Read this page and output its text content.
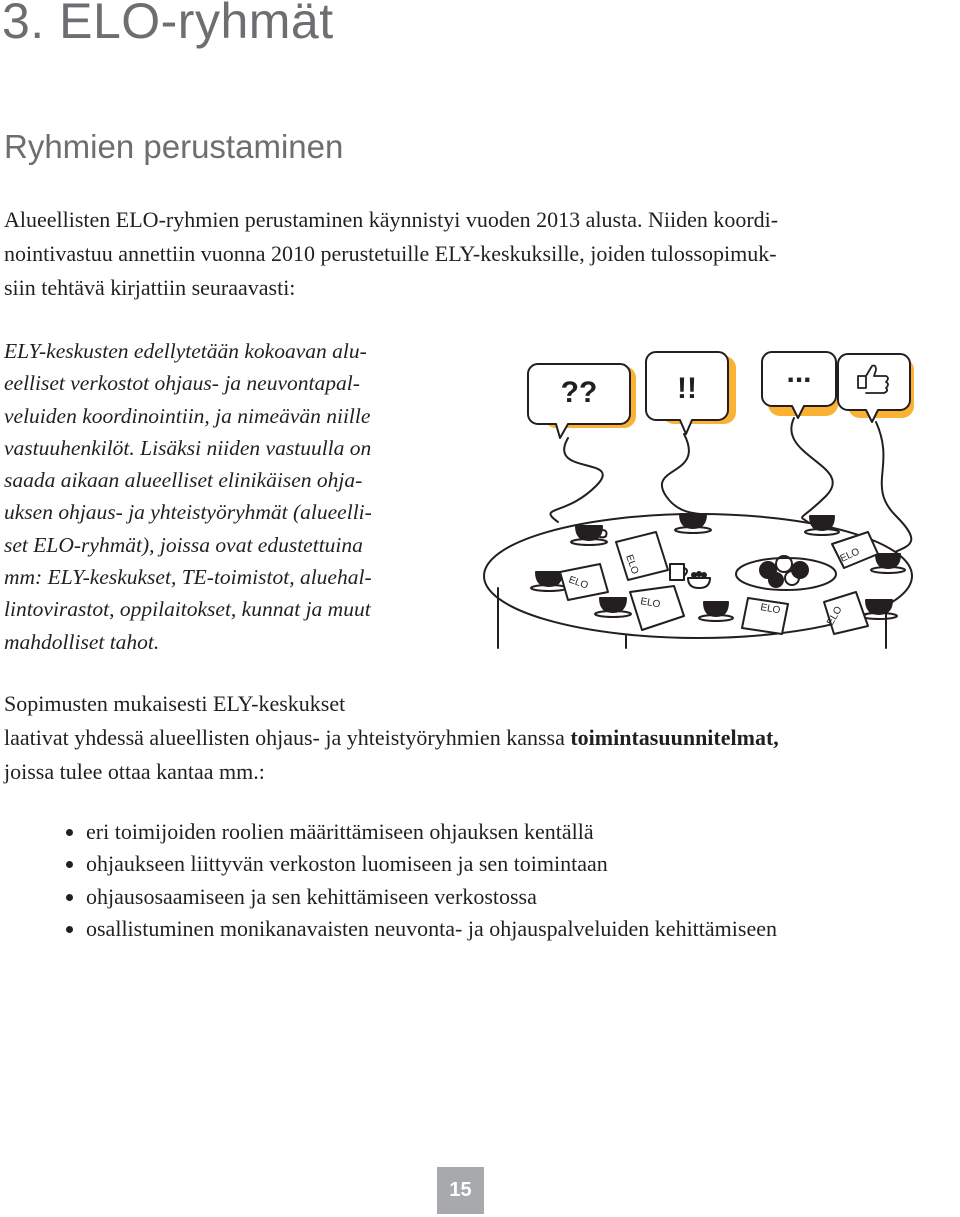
3. ELO-ryhmät
Ryhmien perustaminen

Alueellisten ELO-ryhmien perustaminen käynnistyi vuoden 2013 alusta. Niiden koordi-
nointivastuu annettiin vuonna 2010 perustetuille ELY-keskuksille, joiden tulossopimuk-
siin tehtävä kirjattiin seuraavasti:

ELY-keskusten edellytetään kokoavan alu-
eelliset verkostot ohjaus- ja neuvontapal-
veluiden koordinointiin, ja nimeävän niille
vastuuhenkilöt. Lisäksi niiden vastuulla on
saada aikaan alueelliset elinikäisen ohja-
uksen ohjaus- ja yhteistyöryhmät (alueelli-
set ELO-ryhmät), joissa ovat edustettuina
mm: ELY-keskukset, TE-toimistot, aluehal-
lintovirastot, oppilaitokset, kunnat ja muut
mahdolliset tahot.

??	!!	...
ELO
ELO
ELO	ELO
ELO
ELO

Sopimusten mukaisesti ELY-keskukset
laativat yhdessä alueellisten ohjaus- ja yhteistyöryhmien kanssa toimintasuunnitelmat,
joissa tulee ottaa kantaa mm.:

eri toimijoiden roolien määrittämiseen ohjauksen kentällä
ohjaukseen liittyvän verkoston luomiseen ja sen toimintaan
ohjausosaamiseen ja sen kehittämiseen verkostossa
osallistuminen monikanavaisten neuvonta- ja ohjauspalveluiden kehittämiseen
15
